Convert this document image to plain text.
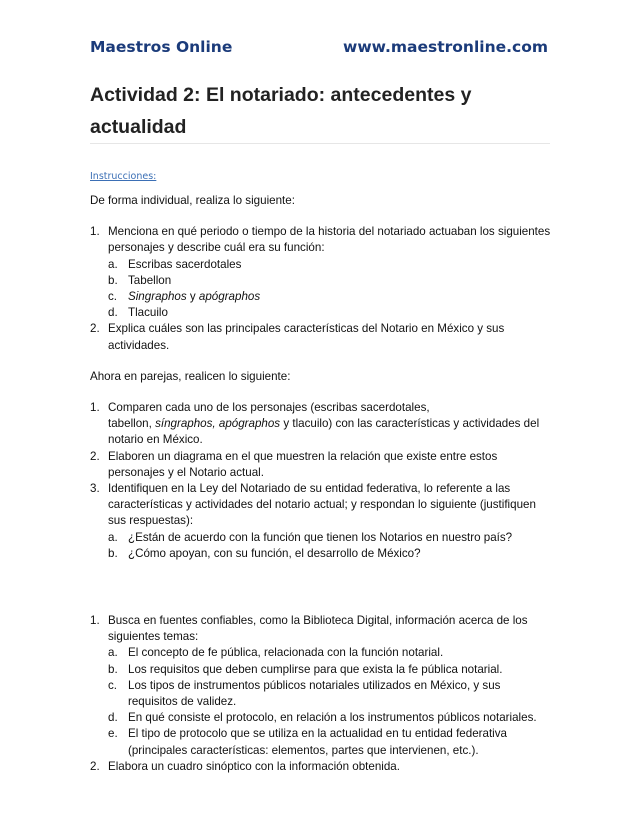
Maestros Online	www.maestronline.com
Actividad 2: El notariado: antecedentes y actualidad
Instrucciones:

De forma individual, realiza lo siguiente:

1. Menciona en qué periodo o tiempo de la historia del notariado actuaban los siguientes personajes y describe cuál era su función:
a. Escribas sacerdotales
b. Tabellon
c. Singraphos y apógraphos
d. Tlacuilo
2. Explica cuáles son las principales características del Notario en México y sus actividades.

Ahora en parejas, realicen lo siguiente:

1. Comparen cada uno de los personajes (escribas sacerdotales,
tabellon, síngraphos, apógraphos y tlacuilo) con las características y actividades del notario en México.
2. Elaboren un diagrama en el que muestren la relación que existe entre estos personajes y el Notario actual.
3. Identifiquen en la Ley del Notariado de su entidad federativa, lo referente a las características y actividades del notario actual; y respondan lo siguiente (justifiquen sus respuestas):
a. ¿Están de acuerdo con la función que tienen los Notarios en nuestro país?
b. ¿Cómo apoyan, con su función, el desarrollo de México?
1. Busca en fuentes confiables, como la Biblioteca Digital, información acerca de los siguientes temas:
a. El concepto de fe pública, relacionada con la función notarial.
b. Los requisitos que deben cumplirse para que exista la fe pública notarial.
c. Los tipos de instrumentos públicos notariales utilizados en México, y sus requisitos de validez.
d. En qué consiste el protocolo, en relación a los instrumentos públicos notariales.
e. El tipo de protocolo que se utiliza en la actualidad en tu entidad federativa (principales características: elementos, partes que intervienen, etc.).
2. Elabora un cuadro sinóptico con la información obtenida.
